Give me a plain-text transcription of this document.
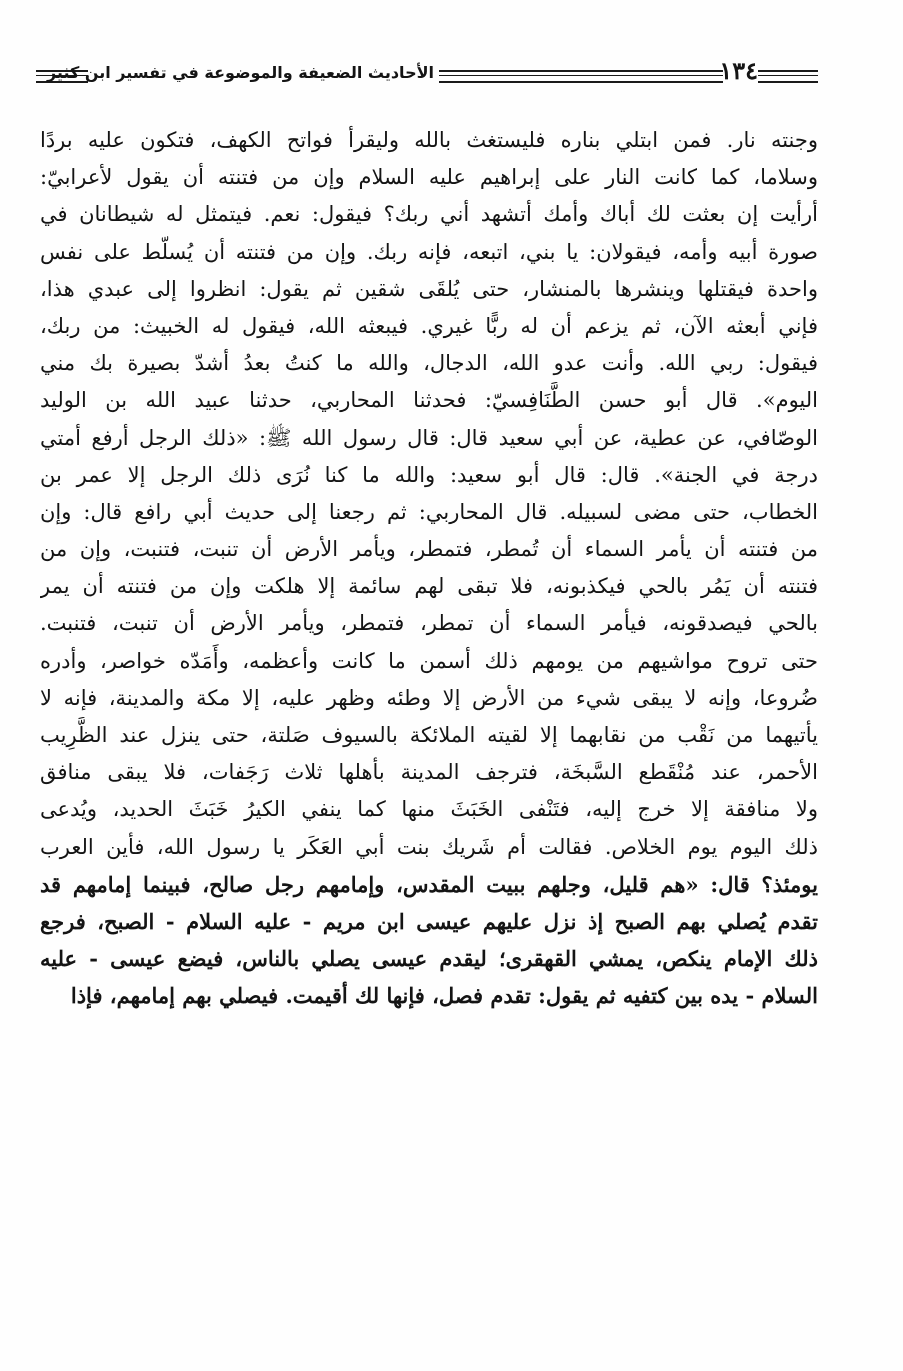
الأحاديث الضعيفة والموضوعة في تفسير ابن كثير	١٣٤
وجنته نار. فمن ابتلي بناره فليستغث بالله وليقرأ فواتح الكهف، فتكون عليه بردًا
وسلاما، كما كانت النار على إبراهيم عليه السلام وإن من فتنته أن يقول لأعرابيّ:
أرأيت إن بعثت لك أباك وأمك أتشهد أني ربك؟ فيقول: نعم. فيتمثل له شيطانان في
صورة أبيه وأمه، فيقولان: يا بني، اتبعه، فإنه ربك. وإن من فتنته أن يُسلّط على نفس
واحدة فيقتلها وينشرها بالمنشار، حتى يُلقَى شقين ثم يقول: انظروا إلى عبدي هذا،
فإني أبعثه الآن، ثم يزعم أن له ربًّا غيري. فيبعثه الله، فيقول له الخبيث: من ربك،
فيقول: ربي الله. وأنت عدو الله، الدجال، والله ما كنتُ بعدُ أشدّ بصيرة بك مني
اليوم». قال أبو حسن الطَّنَافِسيّ: فحدثنا المحاربي، حدثنا عبيد الله بن الوليد
الوصّافي، عن عطية، عن أبي سعيد قال: قال رسول الله ﷺ: «ذلك الرجل أرفع أمتي
درجة في الجنة». قال: قال أبو سعيد: والله ما كنا نُرَى ذلك الرجل إلا عمر بن
الخطاب، حتى مضى لسبيله. قال المحاربي: ثم رجعنا إلى حديث أبي رافع قال: وإن
من فتنته أن يأمر السماء أن تُمطر، فتمطر، ويأمر الأرض أن تنبت، فتنبت، وإن من
فتنته أن يَمُر بالحي فيكذبونه، فلا تبقى لهم سائمة إلا هلكت وإن من فتنته أن يمر
بالحي فيصدقونه، فيأمر السماء أن تمطر، فتمطر، ويأمر الأرض أن تنبت، فتنبت.
حتى تروح مواشيهم من يومهم ذلك أسمن ما كانت وأعظمه، وأَمَدّه خواصر، وأدره
ضُروعا، وإنه لا يبقى شيء من الأرض إلا وطئه وظهر عليه، إلا مكة والمدينة، فإنه لا
يأتيهما من نَقْب من نقابهما إلا لقيته الملائكة بالسيوف صَلتة، حتى ينزل عند الظَّرِيب
الأحمر، عند مُنْقَطع السَّبخَة، فترجف المدينة بأهلها ثلاث رَجَفات، فلا يبقى منافق
ولا منافقة إلا خرج إليه، فتَنْفى الخَبَثَ منها كما ينفي الكيرُ خَبَثَ الحديد، ويُدعى
ذلك اليوم يوم الخلاص. فقالت أم شَريك بنت أبي العَكَر يا رسول الله، فأين العرب
يومئذ؟ قال: «هم قليل، وجلهم ببيت المقدس، وإمامهم رجل صالح، فبينما إمامهم قد
تقدم يُصلي بهم الصبح إذ نزل عليهم عيسى ابن مريم - عليه السلام - الصبح، فرجع
ذلك الإمام ينكص، يمشي القهقرى؛ ليقدم عيسى يصلي بالناس، فيضع عيسى - عليه
السلام - يده بين كتفيه ثم يقول: تقدم فصل، فإنها لك أقيمت. فيصلي بهم إمامهم، فإذا
